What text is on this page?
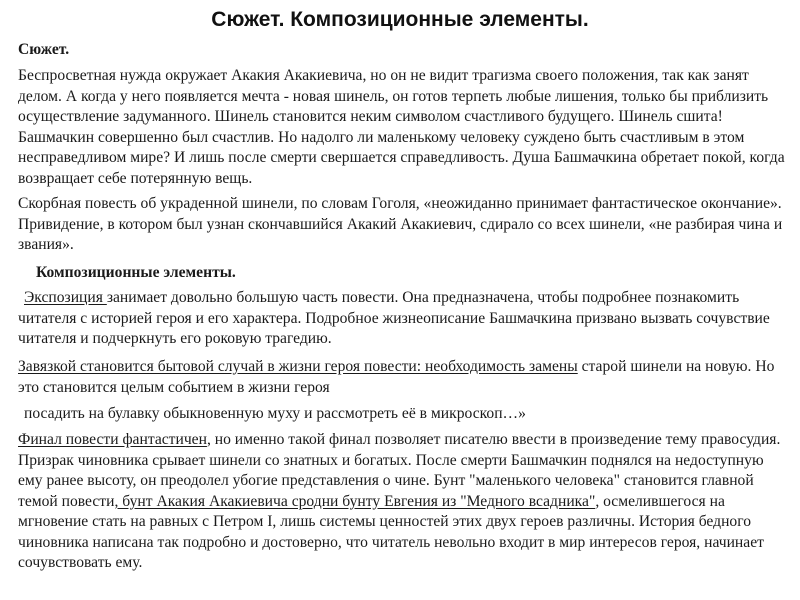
Сюжет. Композиционные элементы.
Сюжет.
Беспросветная нужда окружает Акакия Акакиевича, но он не видит трагизма своего положения, так как занят делом. А когда у него появляется мечта - новая шинель, он готов терпеть любые лишения, только бы приблизить осуществление задуманного. Шинель становится неким символом счастливого будущего. Шинель сшита! Башмачкин совершенно был счастлив. Но надолго ли маленькому человеку суждено быть счастливым в этом несправедливом мире? И лишь после смерти свершается справедливость. Душа Башмачкина обретает покой, когда возвращает себе потерянную вещь.
Скорбная повесть об украденной шинели, по словам Гоголя, «неожиданно принимает фантастическое окончание». Привидение, в котором был узнан скончавшийся Акакий Акакиевич, сдирало со всех шинели, «не разбирая чина и звания».
Композиционные элементы.
Экспозиция занимает довольно большую часть повести. Она предназначена, чтобы подробнее познакомить читателя с историей героя и его характера. Подробное жизнеописание Башмачкина призвано вызвать сочувствие читателя и подчеркнуть его роковую трагедию.
Завязкой становится бытовой случай в жизни героя повести: необходимость замены старой шинели на новую. Но это становится целым событием в жизни героя
посадить на булавку обыкновенную муху и рассмотреть её в микроскоп…»
Финал повести фантастичен, но именно такой финал позволяет писателю ввести в произведение тему правосудия. Призрак чиновника срывает шинели со знатных и богатых. После смерти Башмачкин поднялся на недоступную ему ранее высоту, он преодолел убогие представления о чине. Бунт "маленького человека" становится главной темой повести, бунт Акакия Акакиевича сродни бунту Евгения из "Медного всадника", осмелившегося на мгновение стать на равных с Петром I, лишь системы ценностей этих двух героев различны. История бедного чиновника написана так подробно и достоверно, что читатель невольно входит в мир интересов героя, начинает сочувствовать ему.
